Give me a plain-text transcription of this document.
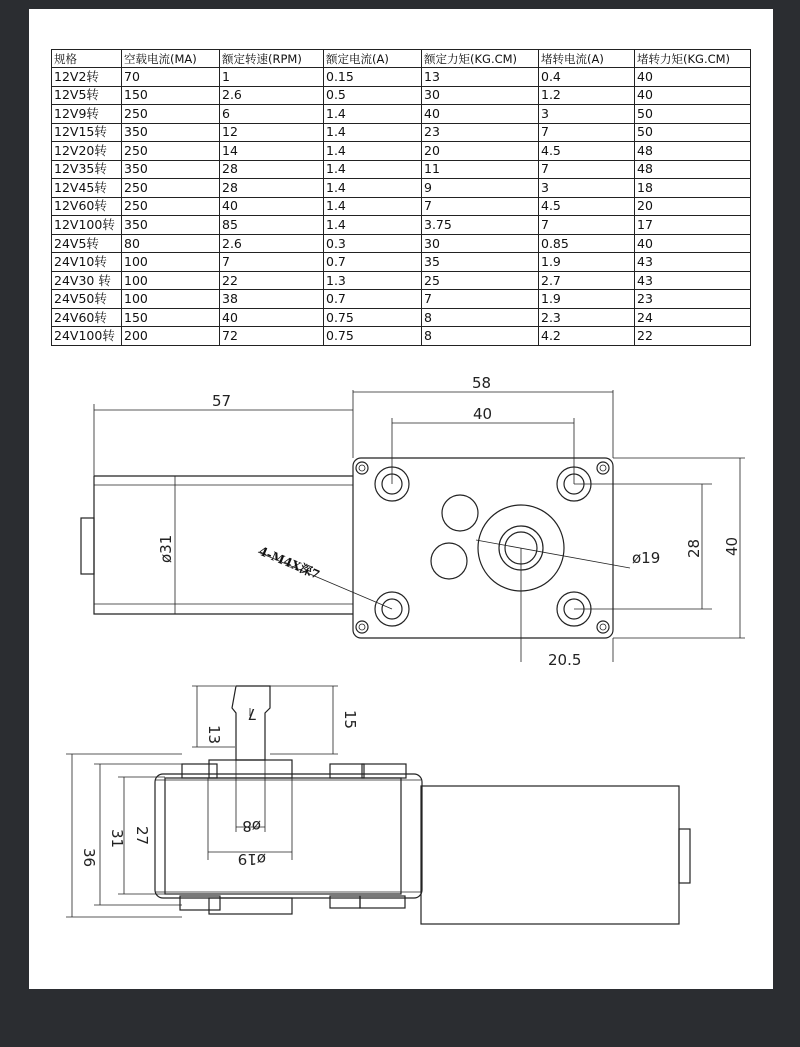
规格	空载电流(MA)	额定转速(RPM)	额定电流(A)	额定力矩(KG.CM)	堵转电流(A)	堵转力矩(KG.CM)
12V2转	70	1	0.15	13	0.4	40
12V5转	150	2.6	0.5	30	1.2	40
12V9转	250	6	1.4	40	3	50
12V15转	350	12	1.4	23	7	50
12V20转	250	14	1.4	20	4.5	48
12V35转	350	28	1.4	11	7	48
12V45转	250	28	1.4	9	3	18
12V60转	250	40	1.4	7	4.5	20
12V100转	350	85	1.4	3.75	7	17
24V5转	80	2.6	0.3	30	0.85	40
24V10转	100	7	0.7	35	1.9	43
24V30 转	100	22	1.3	25	2.7	43
24V50转	100	38	0.7	7	1.9	23
24V60转	150	40	0.75	8	2.3	24
24V100转	200	72	0.75	8	4.2	22
ø31	ø19
4-M4X深7
57
58
40
28 40
20.5
13
15
7
ø8
ø19
36
31 27
